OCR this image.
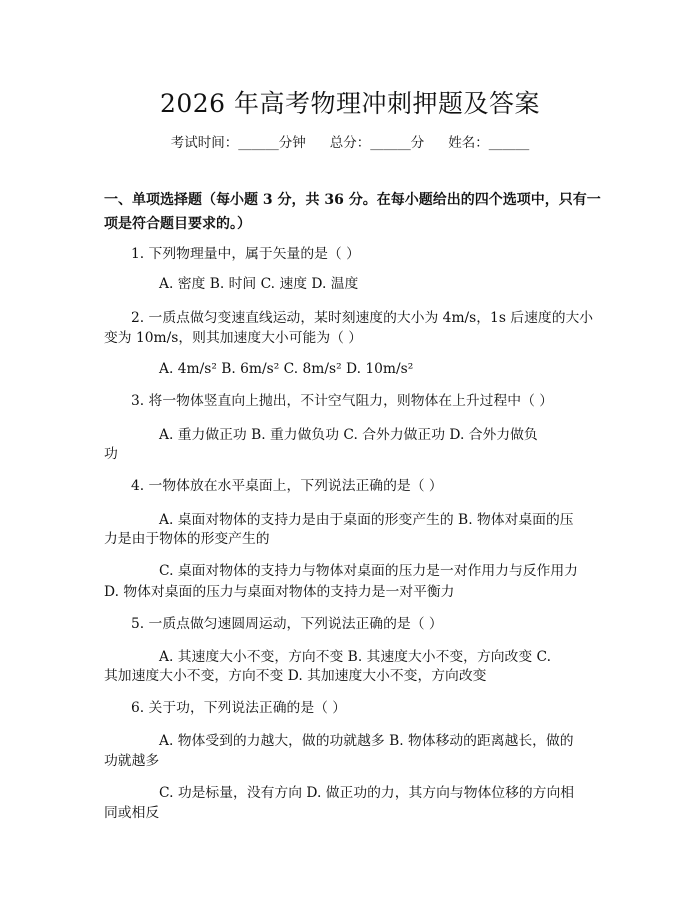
2026 年高考物理冲刺押题及答案
考试时间：______分钟 总分：______分 姓名：______
一、单项选择题（每小题 3 分，共 36 分。在每小题给出的四个选项中，只有一项是符合题目要求的。）
1. 下列物理量中，属于矢量的是（ ）
A. 密度 B. 时间 C. 速度 D. 温度
2. 一质点做匀变速直线运动，某时刻速度的大小为 4m/s，1s 后速度的大小
变为 10m/s，则其加速度大小可能为（ ）
A. 4m/s² B. 6m/s² C. 8m/s² D. 10m/s²
3. 将一物体竖直向上抛出，不计空气阻力，则物体在上升过程中（ ）
A. 重力做正功 B. 重力做负功 C. 合外力做正功 D. 合外力做负
功
4. 一物体放在水平桌面上，下列说法正确的是（ ）
A. 桌面对物体的支持力是由于桌面的形变产生的 B. 物体对桌面的压
力是由于物体的形变产生的
C. 桌面对物体的支持力与物体对桌面的压力是一对作用力与反作用力
D. 物体对桌面的压力与桌面对物体的支持力是一对平衡力
5. 一质点做匀速圆周运动，下列说法正确的是（ ）
A. 其速度大小不变，方向不变 B. 其速度大小不变，方向改变 C.
其加速度大小不变，方向不变 D. 其加速度大小不变，方向改变
6. 关于功，下列说法正确的是（ ）
A. 物体受到的力越大，做的功就越多 B. 物体移动的距离越长，做的
功就越多
C. 功是标量，没有方向 D. 做正功的力，其方向与物体位移的方向相
同或相反
